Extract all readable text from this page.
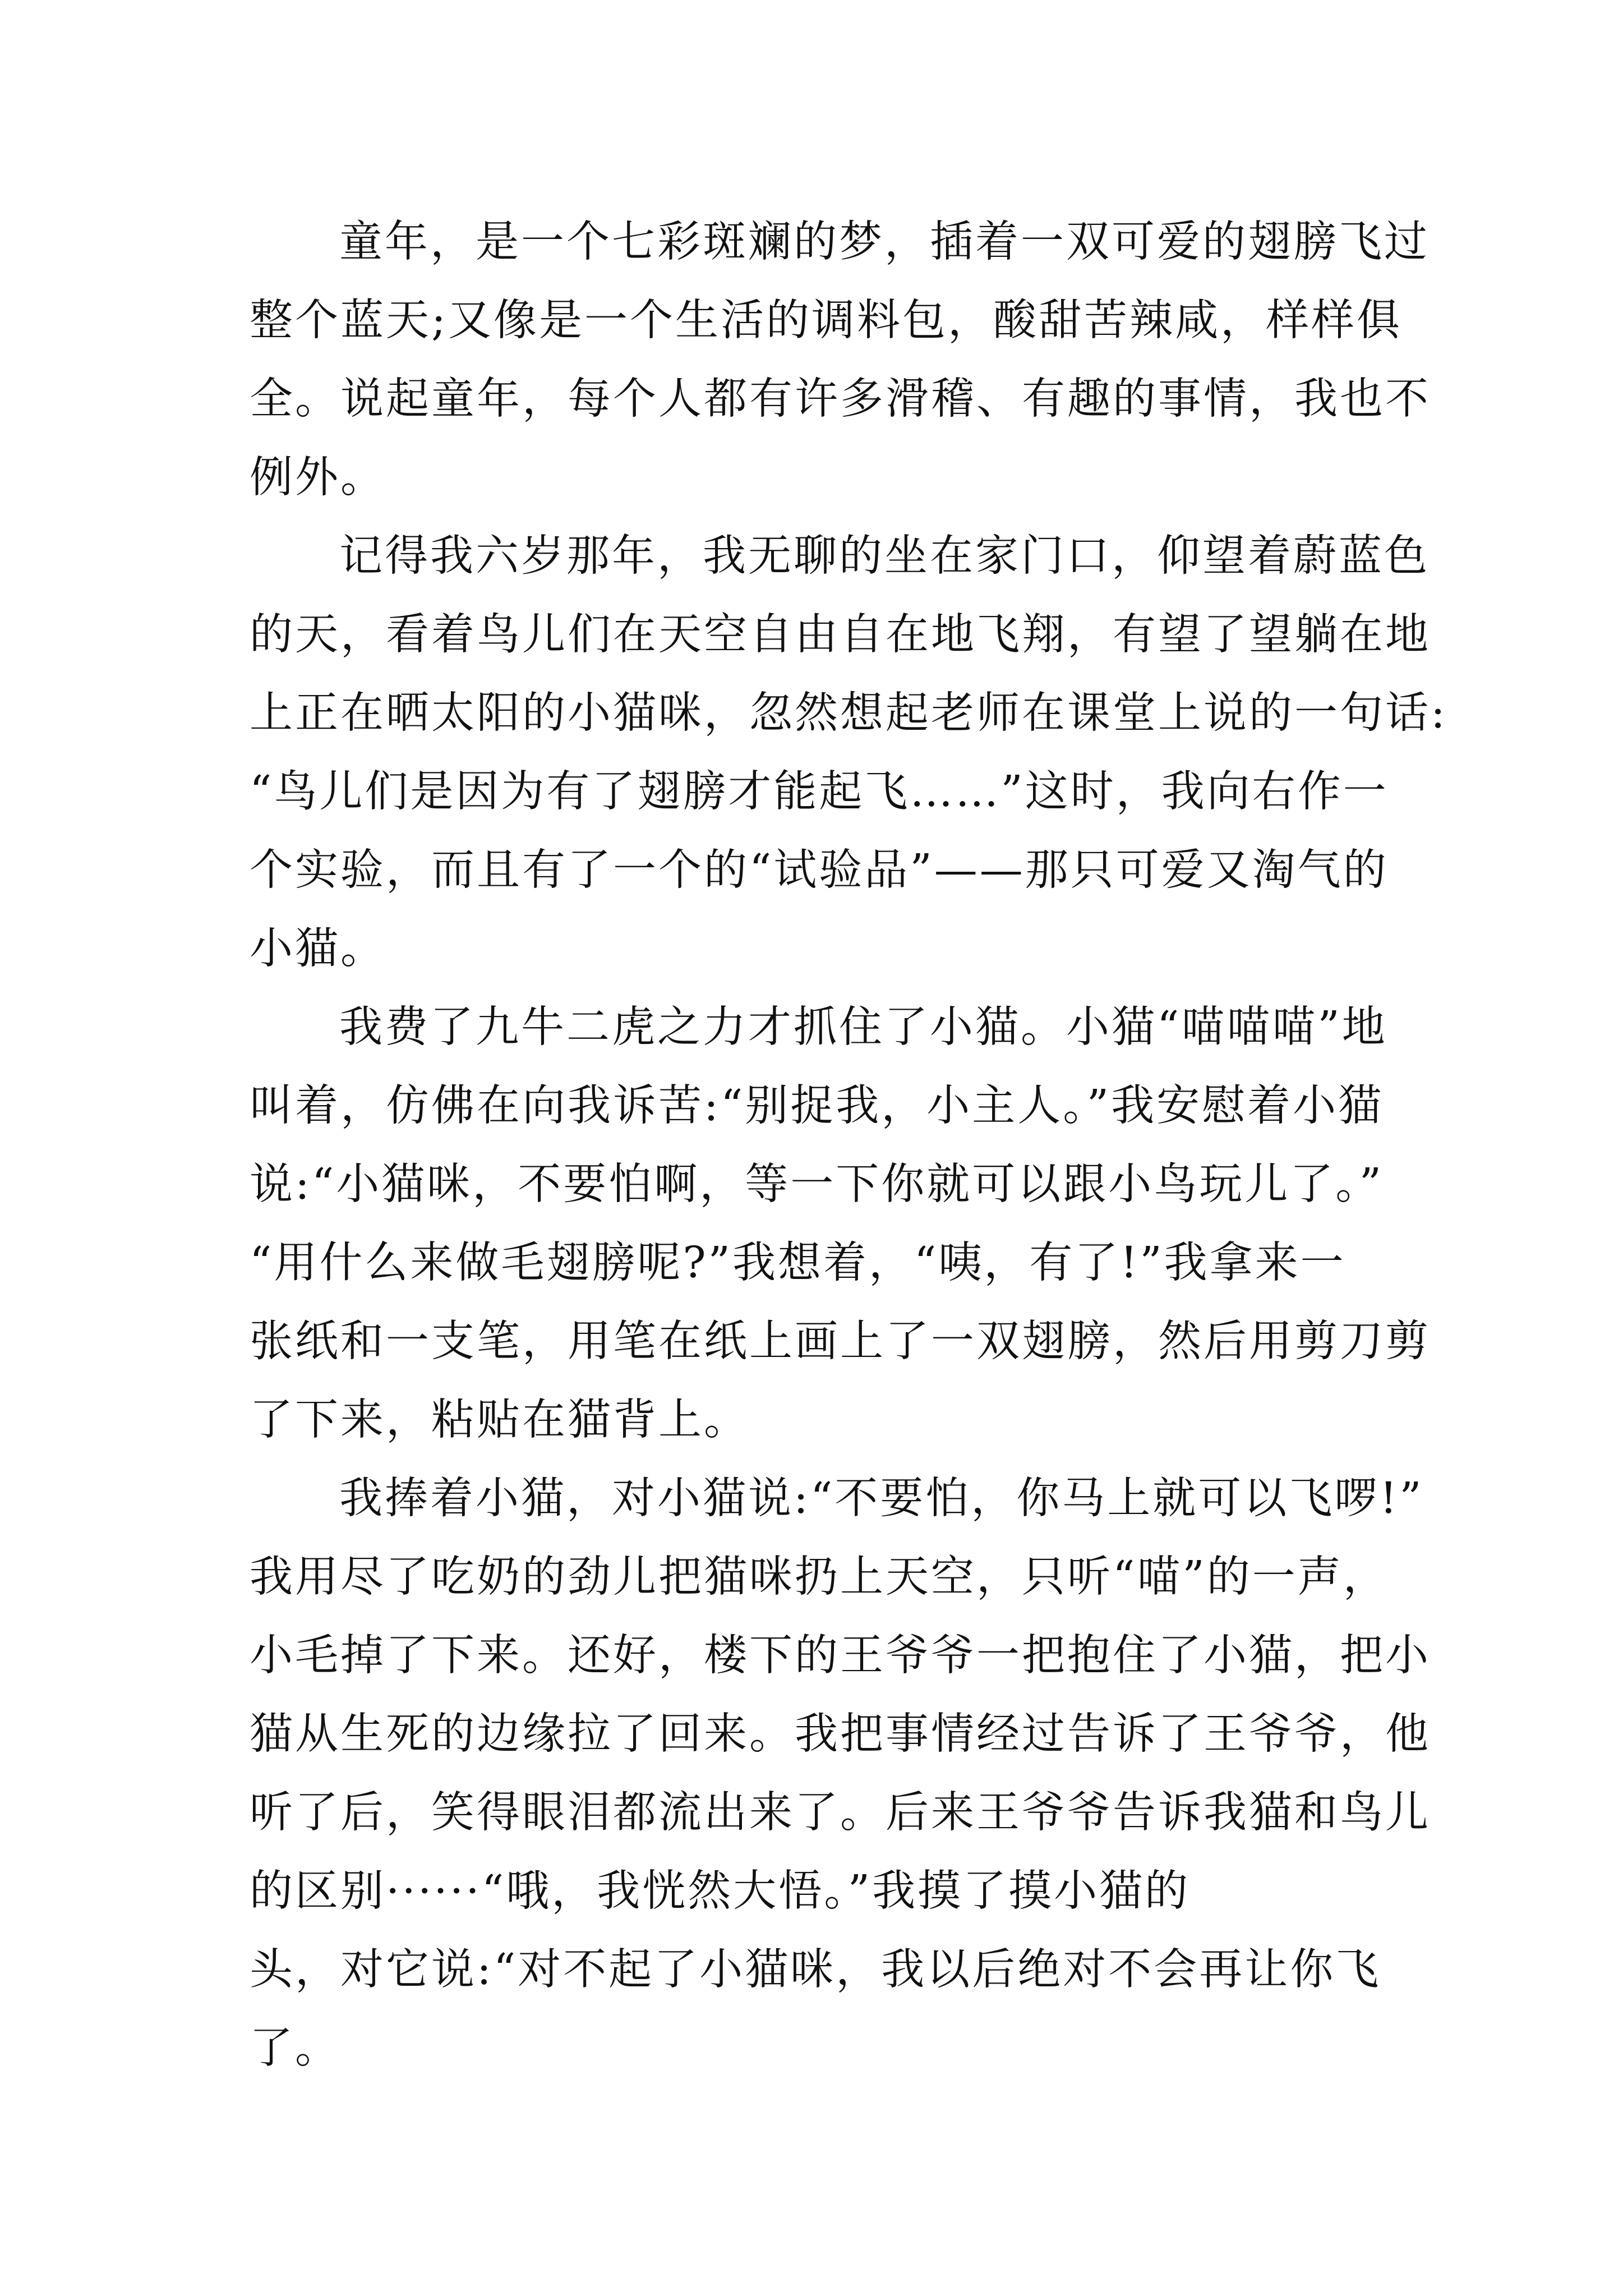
童年，是一个七彩斑斓的梦，插着一双可爱的翅膀飞过
整个蓝天;又像是一个生活的调料包，酸甜苦辣咸，样样俱
全。说起童年，每个人都有许多滑稽、有趣的事情，我也不
例外。
记得我六岁那年，我无聊的坐在家门口，仰望着蔚蓝色
的天，看着鸟儿们在天空自由自在地飞翔，有望了望躺在地
上正在晒太阳的小猫咪，忽然想起老师在课堂上说的一句话:
“鸟儿们是因为有了翅膀才能起飞……”这时，我向右作一
个实验，而且有了一个的“试验品”——那只可爱又淘气的
小猫。
我费了九牛二虎之力才抓住了小猫。小猫“喵喵喵”地
叫着，仿佛在向我诉苦:“别捉我，小主人。”我安慰着小猫
说:“小猫咪，不要怕啊，等一下你就可以跟小鸟玩儿了。”
“用什么来做毛翅膀呢?”我想着，“咦，有了!”我拿来一
张纸和一支笔，用笔在纸上画上了一双翅膀，然后用剪刀剪
了下来，粘贴在猫背上。
我捧着小猫，对小猫说:“不要怕，你马上就可以飞啰!”
我用尽了吃奶的劲儿把猫咪扔上天空，只听“喵”的一声，
小毛掉了下来。还好，楼下的王爷爷一把抱住了小猫，把小
猫从生死的边缘拉了回来。我把事情经过告诉了王爷爷，他
听了后，笑得眼泪都流出来了。后来王爷爷告诉我猫和鸟儿
的区别······“哦，我恍然大悟。”我摸了摸小猫的
头，对它说:“对不起了小猫咪，我以后绝对不会再让你飞
了。
